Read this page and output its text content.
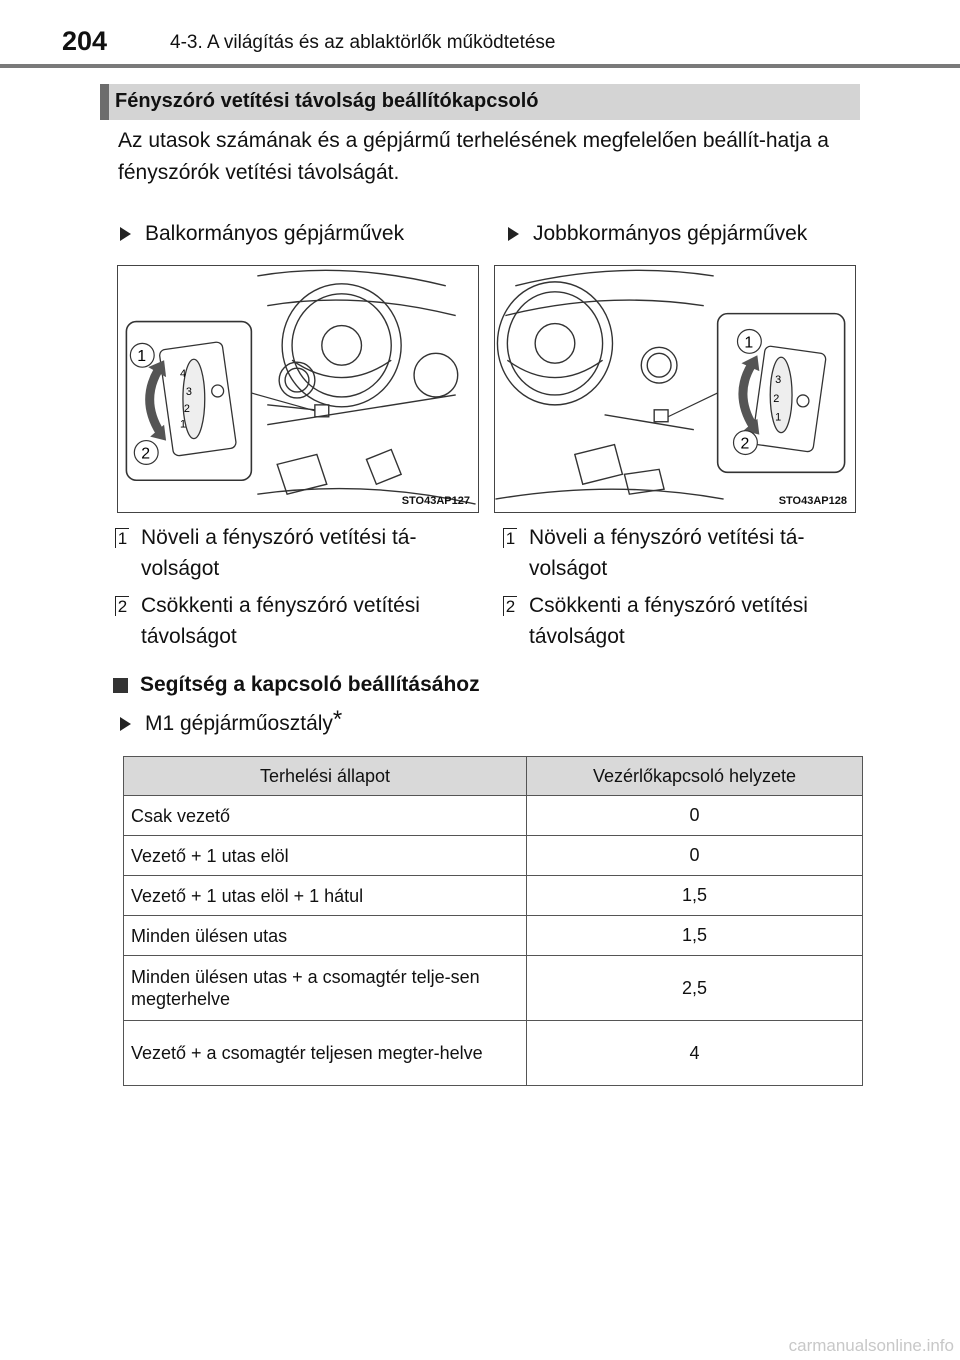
204	4-3. A világítás és az ablaktörlők működtetése
Fényszóró vetítési távolság beállítókapcsoló
Az utasok számának és a gépjármű terhelésének megfelelően beállít-hatja a fényszórók vetítési távolságát.
Balkormányos gépjárművek	Jobbkormányos gépjárművek
4
3
2
1
1
2
STO43AP127
3
2
1
1
2
STO43AP128
1 Növeli a fényszóró vetítési tá-volságot
2 Csökkenti a fényszóró vetítési távolságot
1 Növeli a fényszóró vetítési tá-volságot
2 Csökkenti a fényszóró vetítési távolságot
Segítség a kapcsoló beállításához
M1 gépjárműosztály*
Terhelési állapot	Vezérlőkapcsoló helyzete
Csak vezető	0
Vezető + 1 utas elöl	0
Vezető + 1 utas elöl + 1 hátul	1,5
Minden ülésen utas	1,5
Minden ülésen utas + a csomagtér telje-sen megterhelve	2,5
Vezető + a csomagtér teljesen megter-helve	4
carmanualsonline.info
